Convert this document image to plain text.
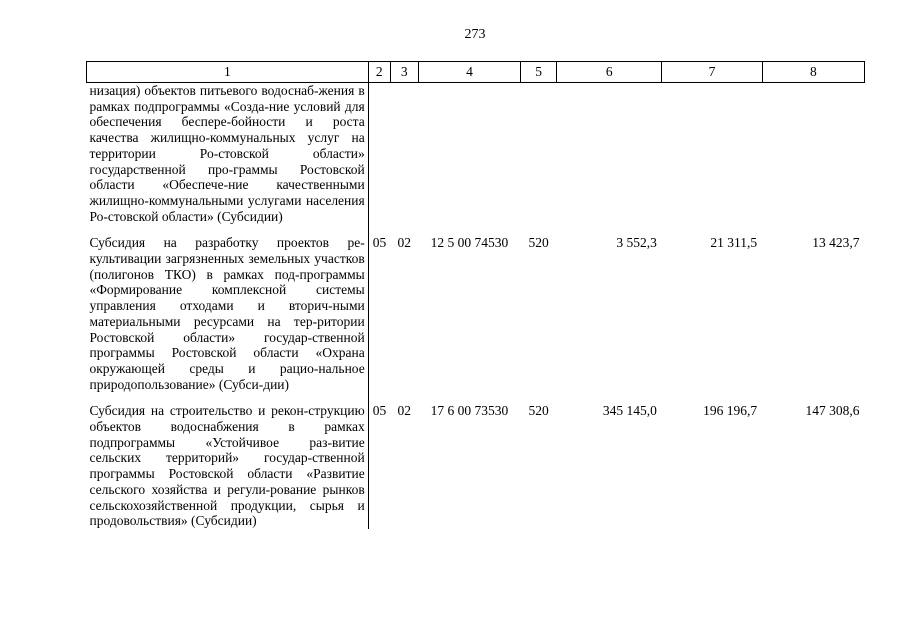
273
1	2	3	4	5	6	7	8
низация) объектов питьевого водоснаб-жения в рамках подпрограммы «Созда-ние условий для обеспечения беспере-бойности и роста качества жилищно-коммунальных услуг на территории Ро-стовской области» государственной про-граммы Ростовской области «Обеспече-ние качественными жилищно-коммунальными услугами населения Ро-стовской области» (Субсидии)							
Субсидия на разработку проектов ре-культивации загрязненных земельных участков (полигонов ТКО) в рамках под-программы «Формирование комплексной системы управления отходами и вторич-ными материальными ресурсами на тер-ритории Ростовской области» государ-ственной программы Ростовской области «Охрана окружающей среды и рацио-нальное природопользование» (Субси-дии)	05	02	12 5 00 74530	520	3 552,3	21 311,5	13 423,7
Субсидия на строительство и рекон-струкцию объектов водоснабжения в рамках подпрограммы «Устойчивое раз-витие сельских территорий» государ-ственной программы Ростовской области «Развитие сельского хозяйства и регули-рование рынков сельскохозяйственной продукции, сырья и продовольствия» (Субсидии)	05	02	17 6 00 73530	520	345 145,0	196 196,7	147 308,6
